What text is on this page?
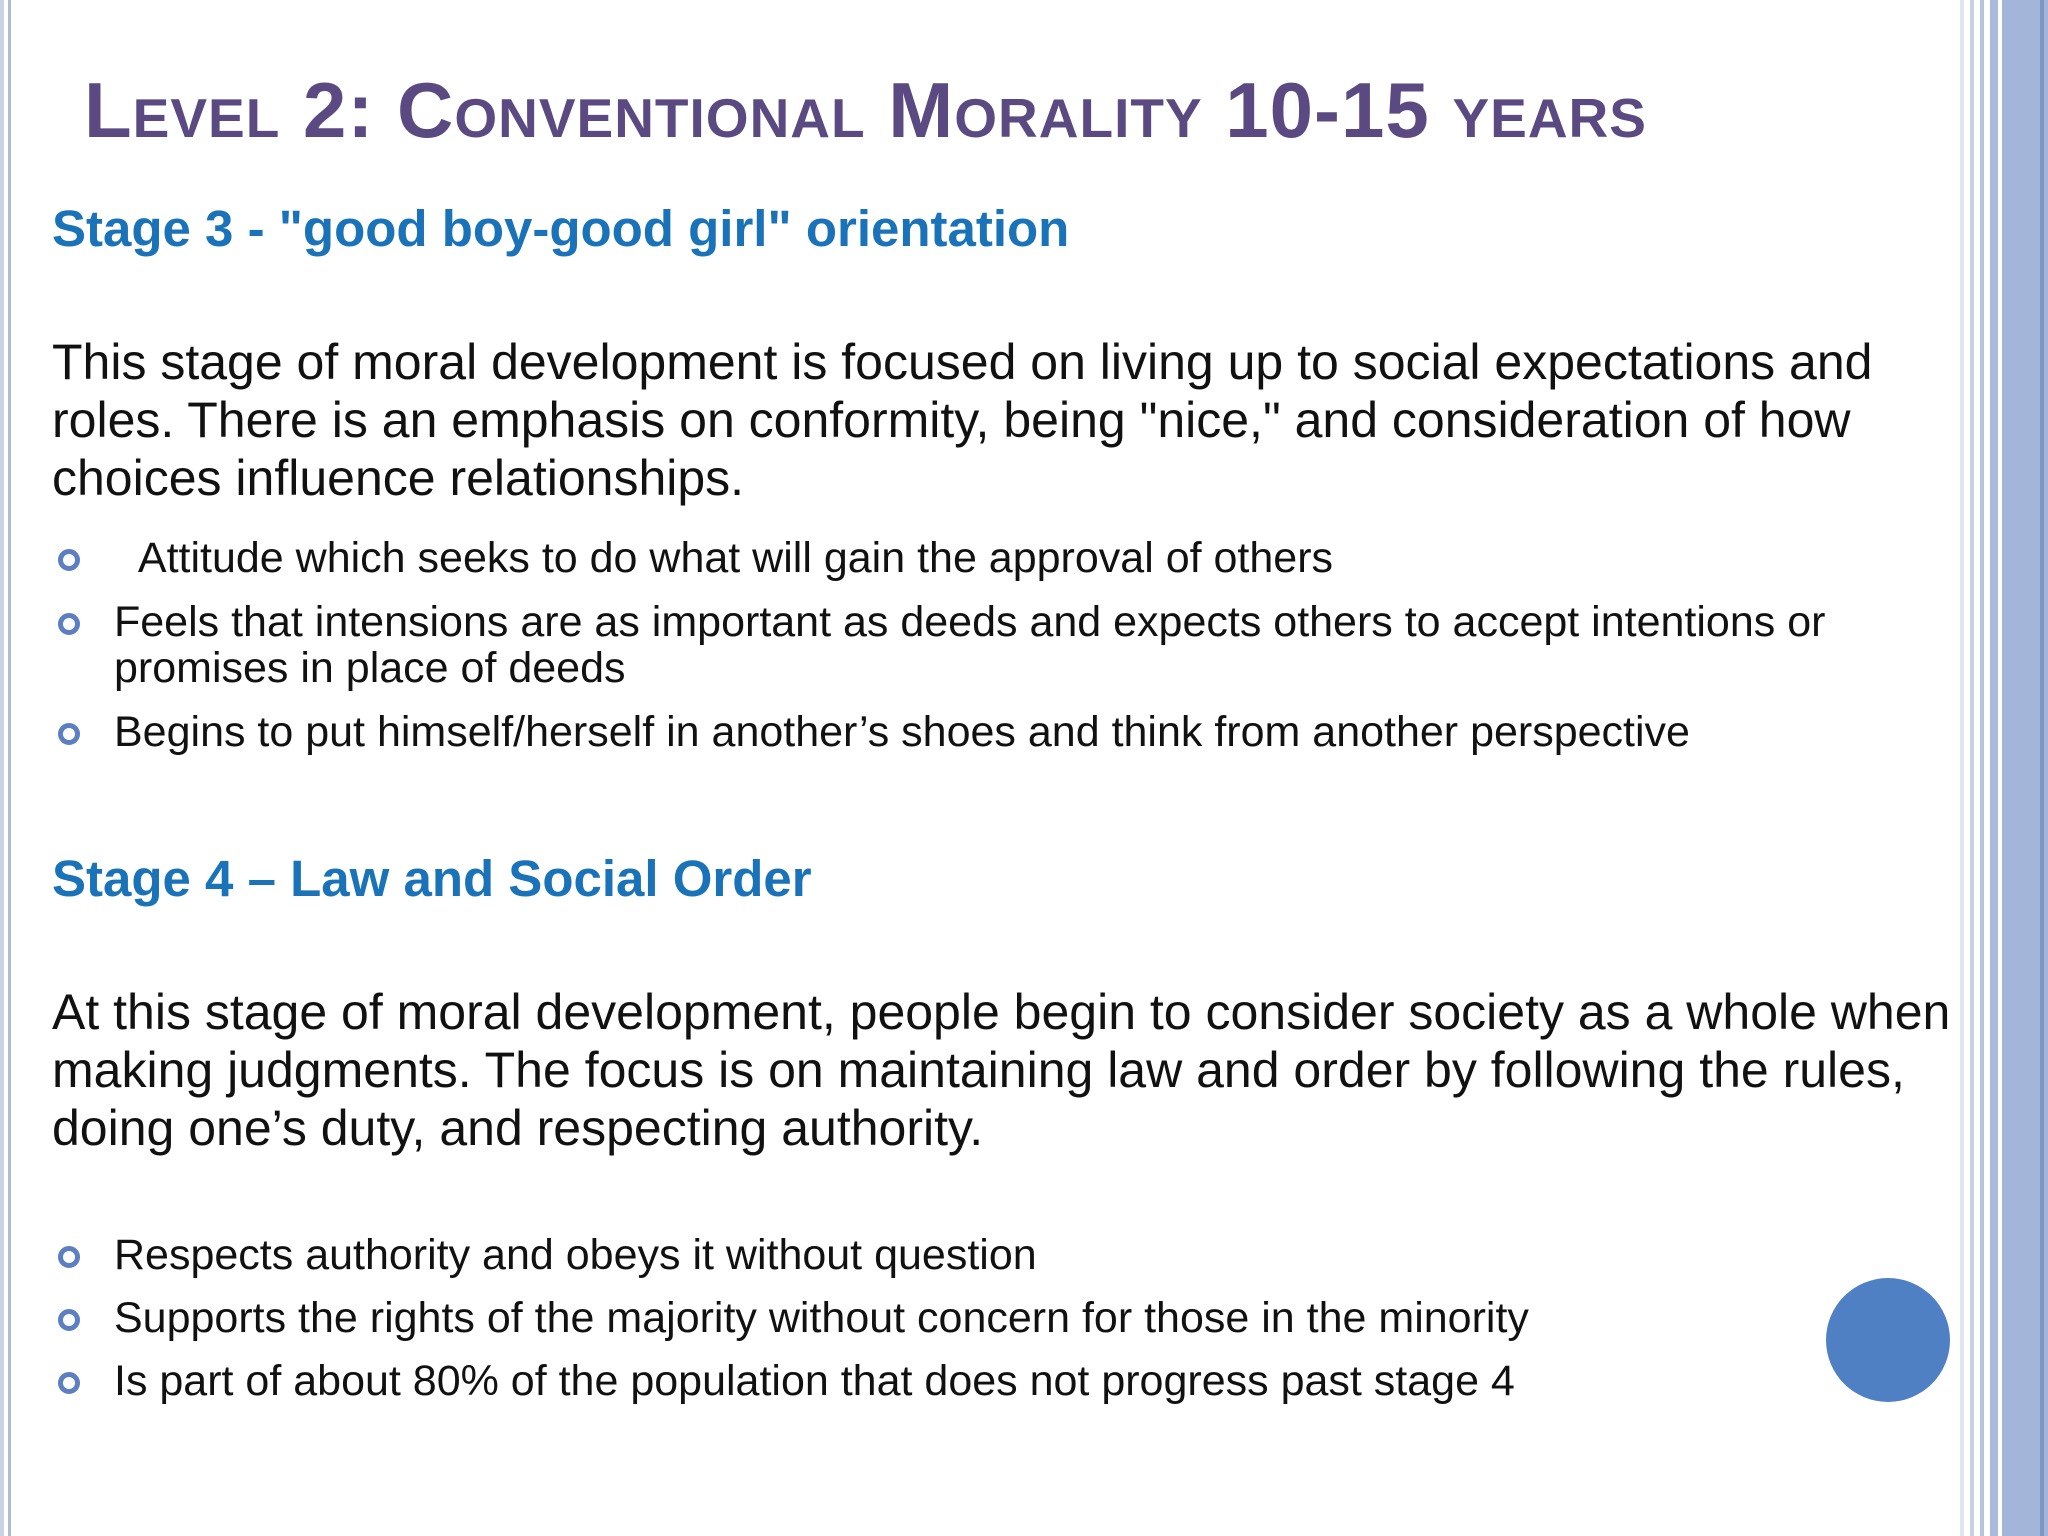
Level 2: Conventional Morality 10-15 years
Stage 3 - "good boy-good girl" orientation

This stage of moral development is focused on living up to social expectations and roles. There is an emphasis on conformity, being "nice," and consideration of how choices influence relationships.

Attitude which seeks to do what will gain the approval of others
Feels that intensions are as important as deeds and expects others to accept intentions or promises in place of deeds
Begins to put himself/herself in another’s shoes and think from another perspective
Stage 4 – Law and Social Order

At this stage of moral development, people begin to consider society as a whole when making judgments. The focus is on maintaining law and order by following the rules, doing one’s duty, and respecting authority.

Respects authority and obeys it without question
Supports the rights of the majority without concern for those in the minority
Is part of about 80% of the population that does not progress past stage 4
